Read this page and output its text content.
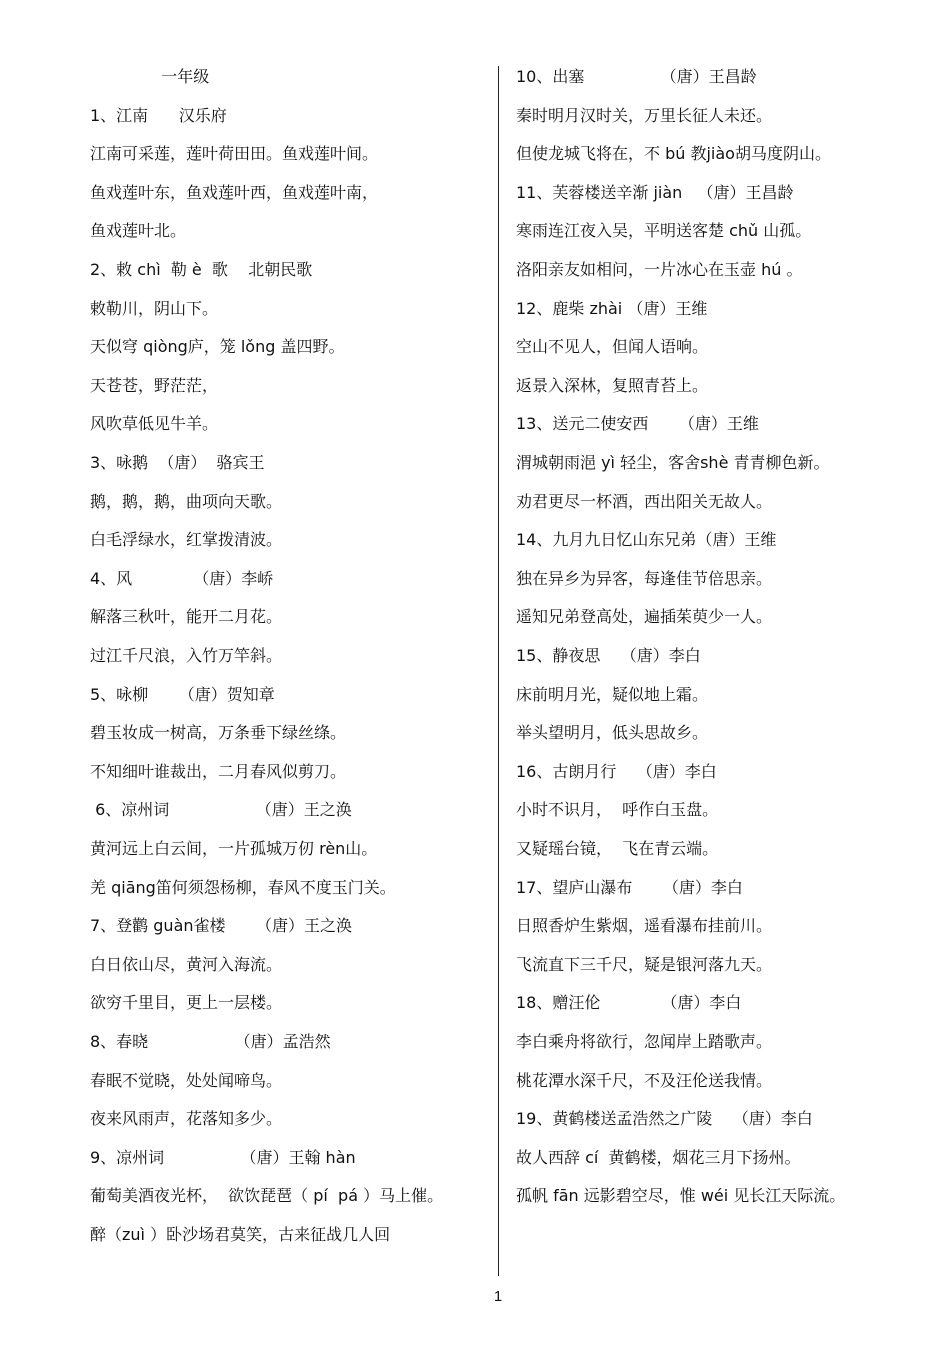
一年级
1、江南      汉乐府
江南可采莲，莲叶荷田田。鱼戏莲叶间。
鱼戏莲叶东，鱼戏莲叶西，鱼戏莲叶南，
鱼戏莲叶北。
2、敕 chì  勒 è  歌    北朝民歌
敕勒川，阴山下。
天似穹 qiòng庐，笼 lǒng 盖四野。
天苍苍，野茫茫，
风吹草低见牛羊。
3、咏鹅  （唐）  骆宾王
鹅，鹅，鹅，曲项向天歌。
白毛浮绿水，红掌拨清波。
4、风            （唐）李峤
解落三秋叶，能开二月花。
过江千尺浪，入竹万竿斜。
5、咏柳      （唐）贺知章
碧玉妆成一树高，万条垂下绿丝绦。
不知细叶谁裁出，二月春风似剪刀。
6、凉州词                 （唐）王之涣
黄河远上白云间，一片孤城万仞 rèn山。
羌 qiāng笛何须怨杨柳，春风不度玉门关。
7、登鹳 guàn雀楼      （唐）王之涣
白日依山尽，黄河入海流。
欲穷千里目，更上一层楼。
8、春晓                 （唐）孟浩然
春眠不觉晓，处处闻啼鸟。
夜来风雨声，花落知多少。
9、凉州词               （唐）王翰 hàn
葡萄美酒夜光杯，  欲饮琵琶（ pí  pá ）马上催。
醉（zuì ）卧沙场君莫笑，古来征战几人回
10、出塞               （唐）王昌龄
秦时明月汉时关，万里长征人未还。
但使龙城飞将在，不 bú 教jiào胡马度阴山。
11、芙蓉楼送辛渐 jiàn   （唐）王昌龄
寒雨连江夜入吴，平明送客楚 chǔ 山孤。
洛阳亲友如相问，一片冰心在玉壶 hú 。
12、鹿柴 zhài （唐）王维
空山不见人，但闻人语响。
返景入深林，复照青苔上。
13、送元二使安西      （唐）王维
渭城朝雨浥 yì 轻尘，客舍shè 青青柳色新。
劝君更尽一杯酒，西出阳关无故人。
14、九月九日忆山东兄弟（唐）王维
独在异乡为异客，每逢佳节倍思亲。
遥知兄弟登高处，遍插茱萸少一人。
15、静夜思    （唐）李白
床前明月光，疑似地上霜。
举头望明月，低头思故乡。
16、古朗月行    （唐）李白
小时不识月，  呼作白玉盘。
又疑瑶台镜，  飞在青云端。
17、望庐山瀑布      （唐）李白
日照香炉生紫烟，遥看瀑布挂前川。
飞流直下三千尺，疑是银河落九天。
18、赠汪伦            （唐）李白
李白乘舟将欲行，忽闻岸上踏歌声。
桃花潭水深千尺，不及汪伦送我情。
19、黄鹤楼送孟浩然之广陵    （唐）李白
故人西辞 cí  黄鹤楼，烟花三月下扬州。
孤帆 fān 远影碧空尽，惟 wéi 见长江天际流。
1
